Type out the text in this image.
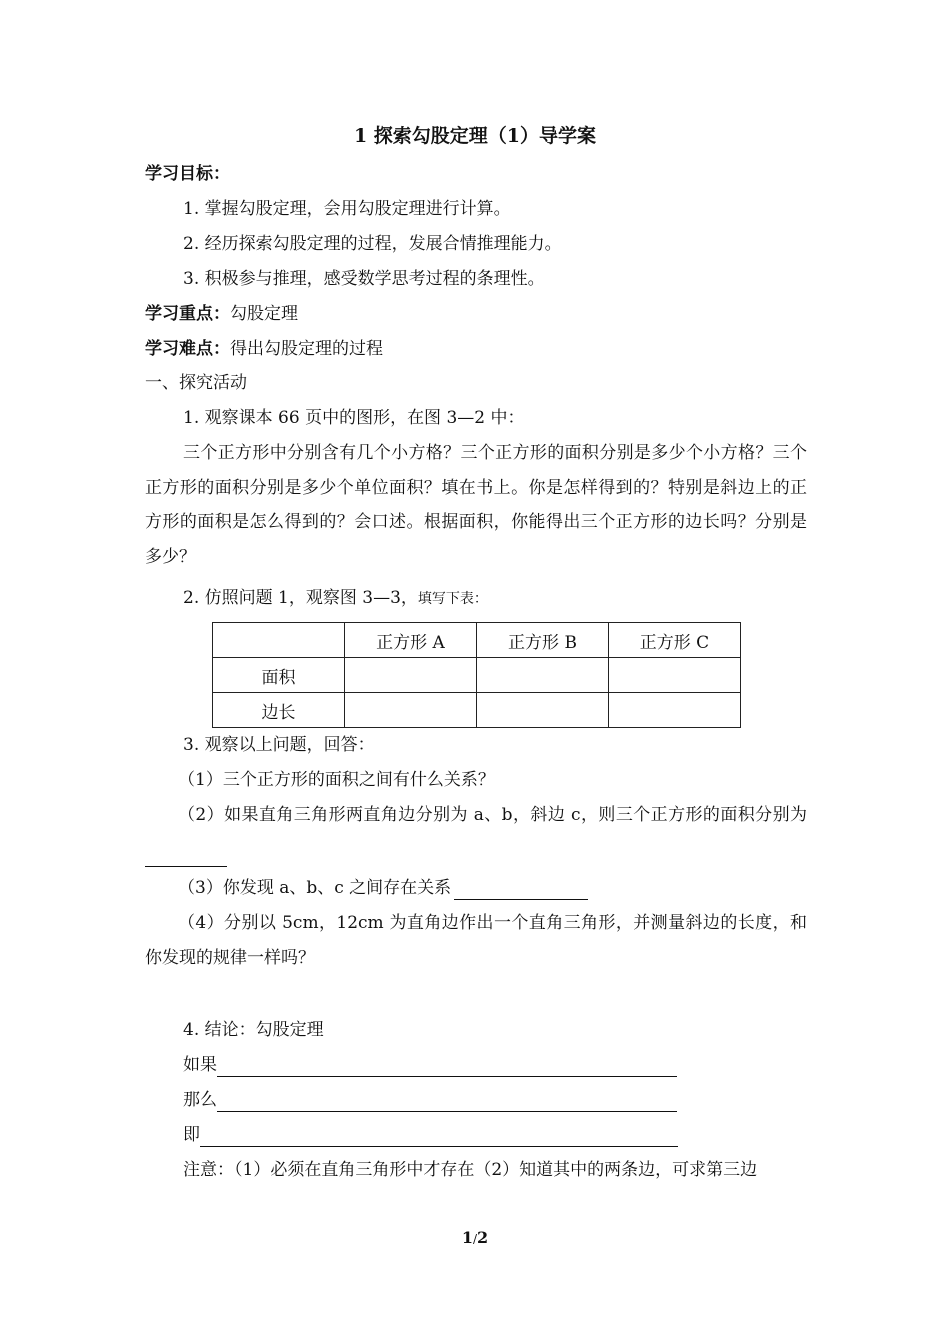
1 探索勾股定理（1）导学案
学习目标：
1. 掌握勾股定理，会用勾股定理进行计算。
2. 经历探索勾股定理的过程，发展合情推理能力。
3. 积极参与推理，感受数学思考过程的条理性。
学习重点：勾股定理
学习难点：得出勾股定理的过程
一、探究活动
1. 观察课本 66 页中的图形，在图 3—2 中：
三个正方形中分别含有几个小方格？三个正方形的面积分别是多少个小方格？三个正方形的面积分别是多少个单位面积？填在书上。你是怎样得到的？特别是斜边上的正方形的面积是怎么得到的？会口述。根据面积，你能得出三个正方形的边长吗？分别是多少？
2. 仿照问题 1，观察图 3—3，填写下表：
	正方形 A	正方形 B	正方形 C
面积			
边长			
3. 观察以上问题，回答：
（1）三个正方形的面积之间有什么关系？
（2）如果直角三角形两直角边分别为 a、b，斜边 c，则三个正方形的面积分别为
（3）你发现 a、b、c 之间存在关系
（4）分别以 5cm，12cm 为直角边作出一个直角三角形，并测量斜边的长度，和你发现的规律一样吗？
4. 结论：勾股定理
如果
那么
即
注意：（1）必须在直角三角形中才存在（2）知道其中的两条边，可求第三边
1/2
